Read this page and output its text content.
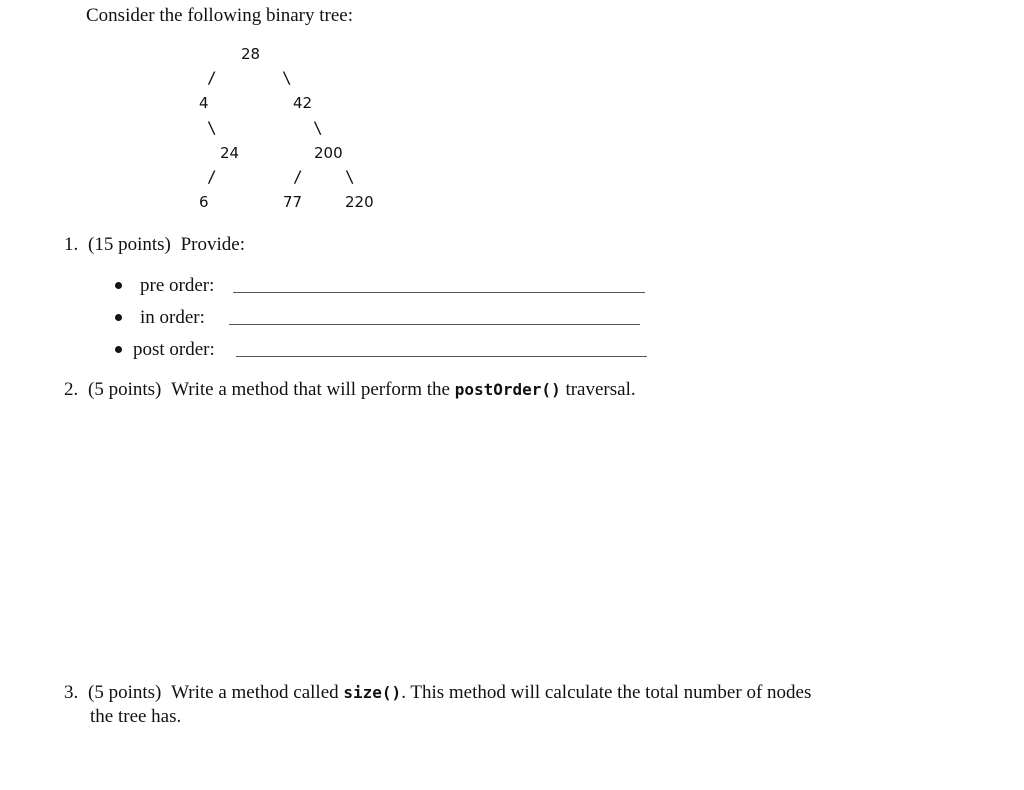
Consider the following binary tree:
28
/	\
4	42
\	\
24	200
/	/	\
6	77	220
1. (15 points) Provide:
pre order:
in order:
post order:
2. (5 points) Write a method that will perform the postOrder() traversal.
3. (5 points) Write a method called size(). This method will calculate the total number of nodes
the tree has.
